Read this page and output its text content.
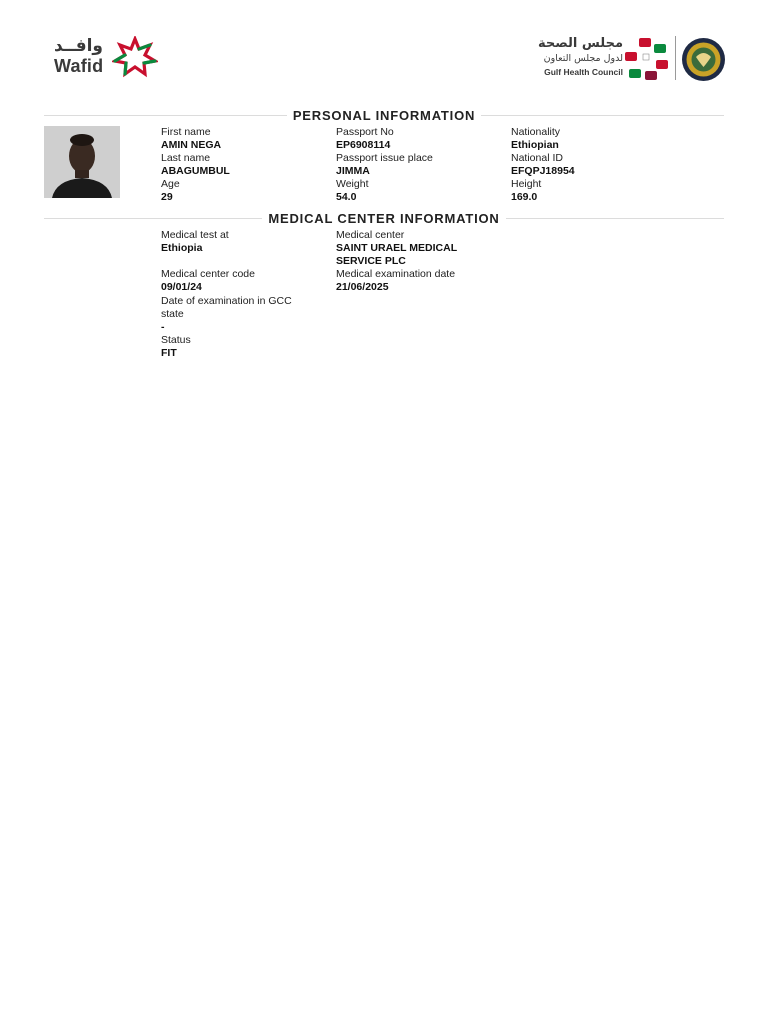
وافــد
Wafid
مجلس الصحة
لدول مجلس التعاون
Gulf Health Council
PERSONAL INFORMATION
First name
AMIN NEGA
Last name
ABAGUMBUL
Age
29
Passport No
EP6908114
Passport issue place
JIMMA
Weight
54.0
Nationality
Ethiopian
National ID
EFQPJ18954
Height
169.0
MEDICAL CENTER INFORMATION
Medical test at
Ethiopia
Medical center code
09/01/24
Date of examination in GCC state
-
Status
FIT
Medical center
SAINT URAEL MEDICAL SERVICE PLC
Medical examination date
21/06/2025
